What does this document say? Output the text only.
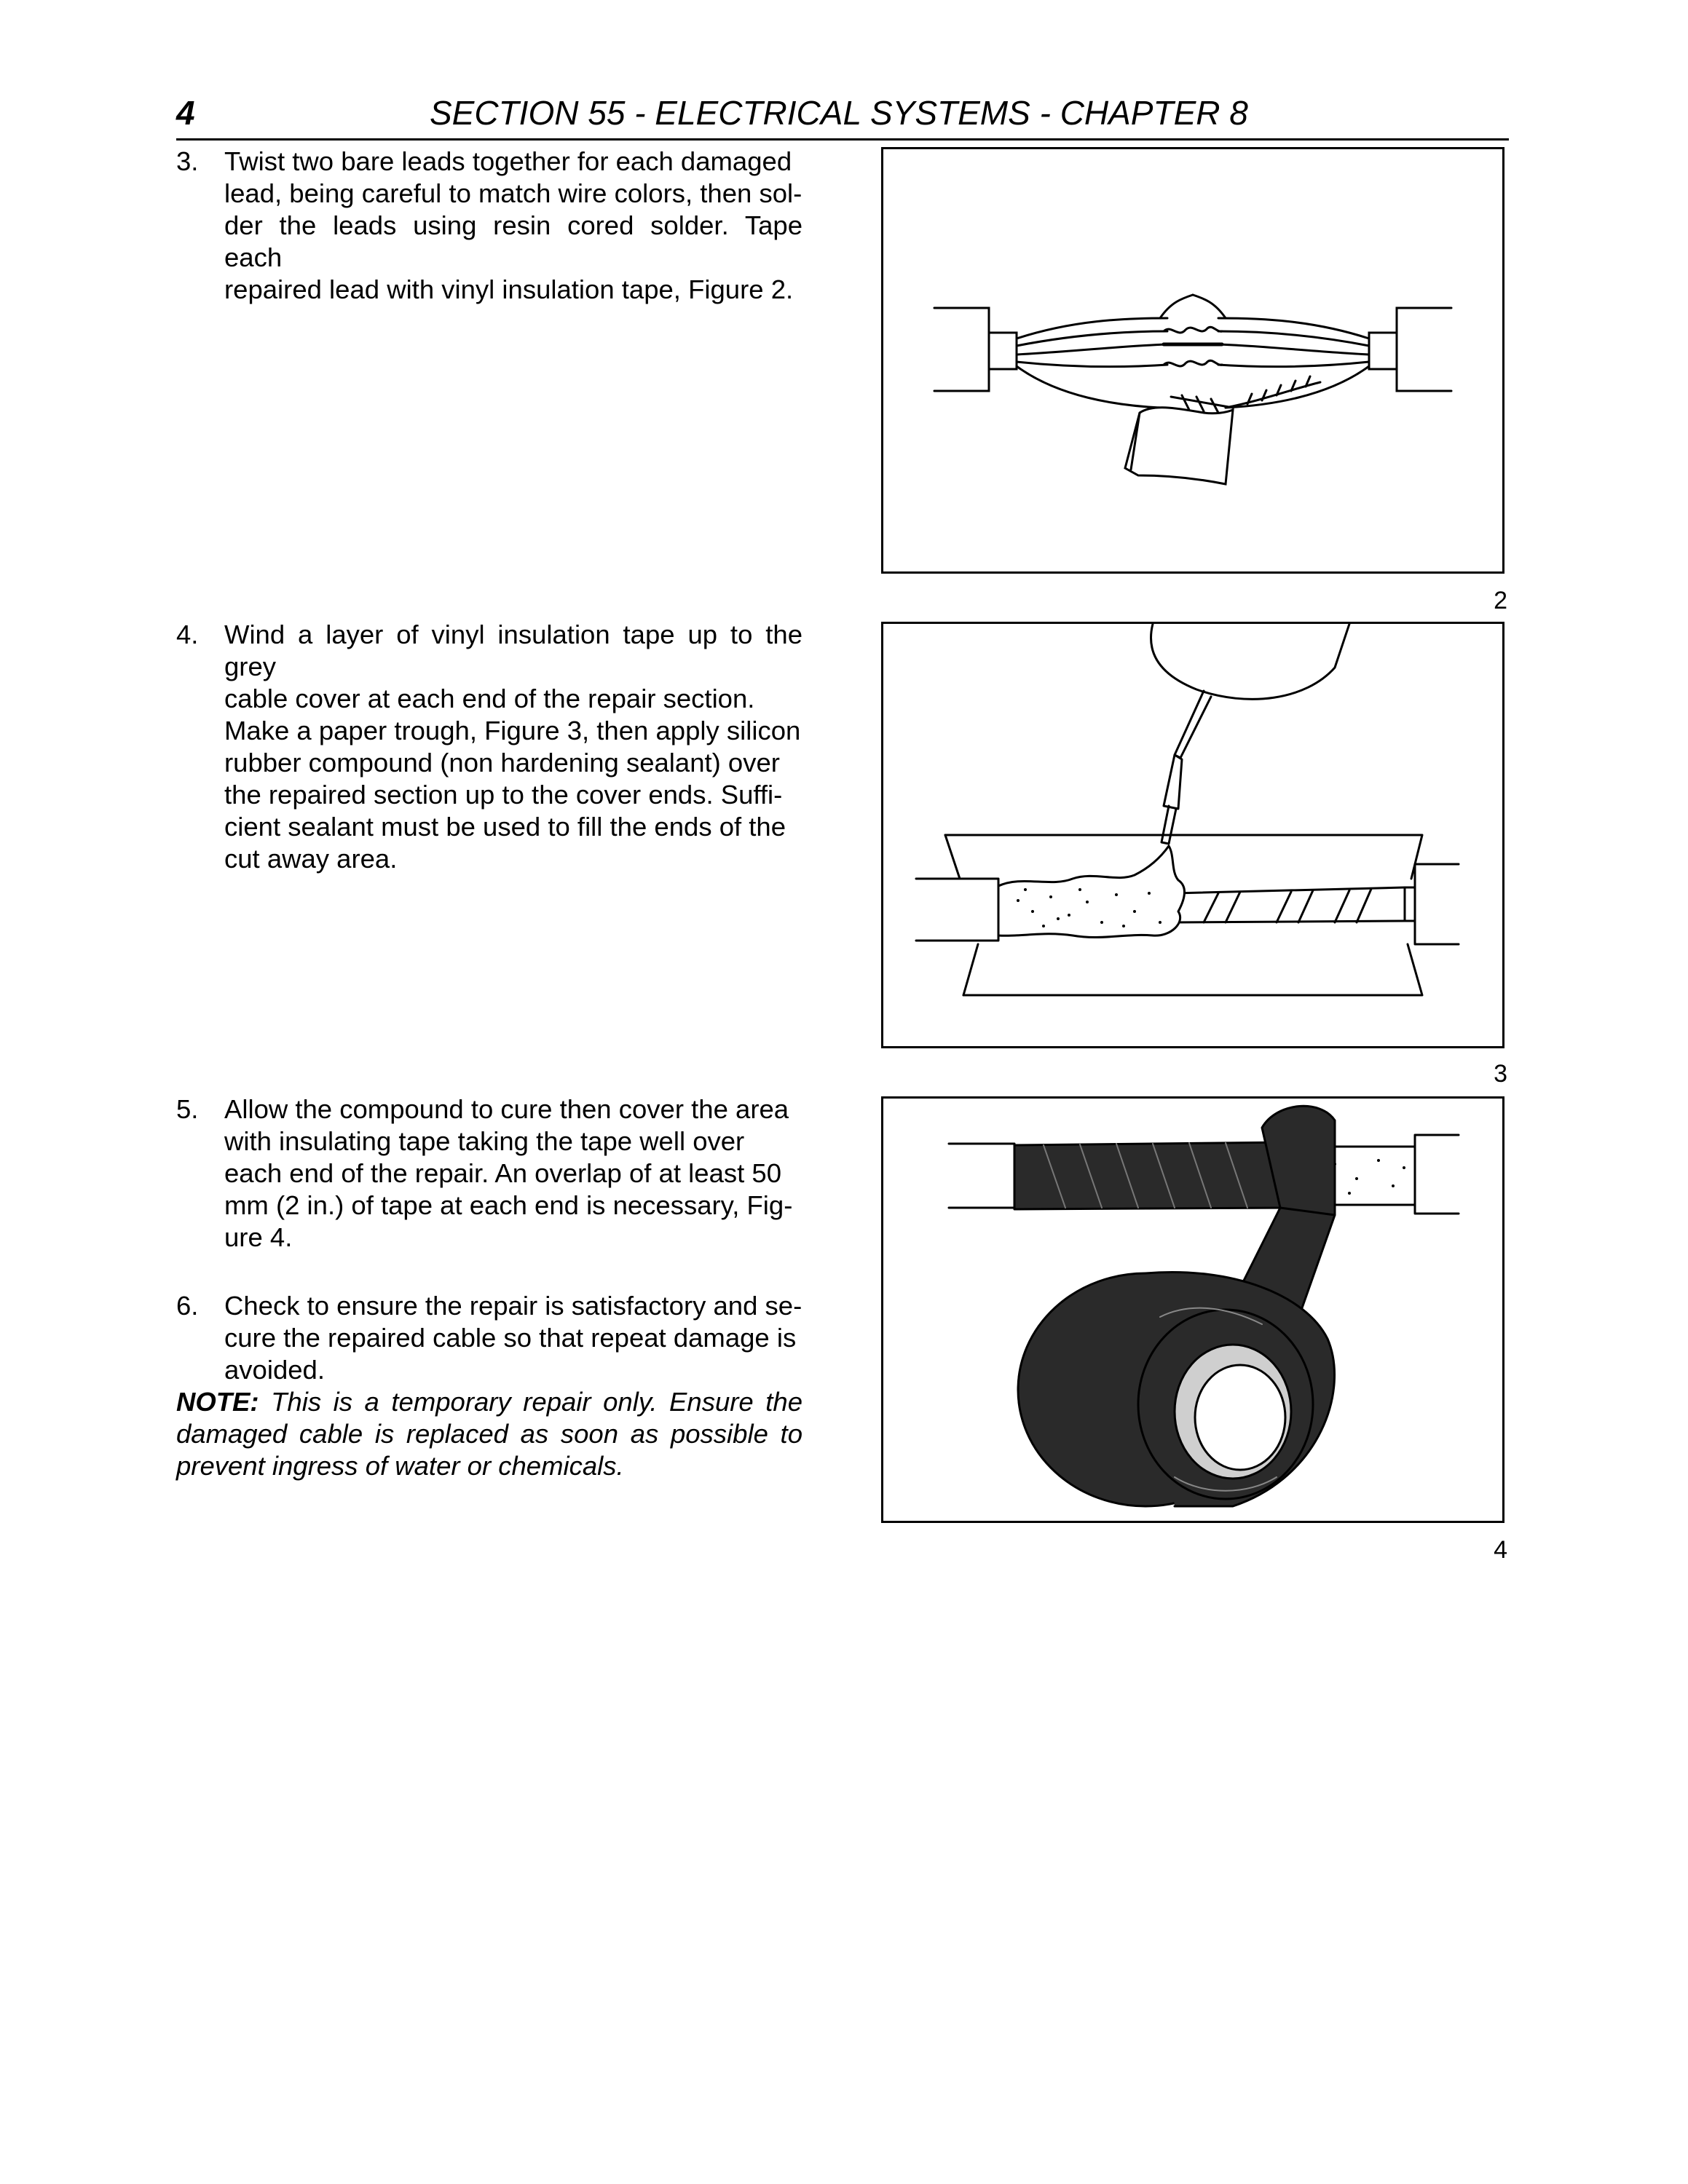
4	SECTION 55 - ELECTRICAL SYSTEMS - CHAPTER 8
3. Twist two bare leads together for each damaged
lead, being careful to match wire colors, then sol-
der the leads using resin cored solder. Tape each
repaired lead with vinyl insulation tape, Figure 2.
4. Wind a layer of vinyl insulation tape up to the grey
cable cover at each end of the repair section.
Make a paper trough, Figure 3, then apply silicon
rubber compound (non hardening sealant) over
the repaired section up to the cover ends. Suffi-
cient sealant must be used to fill the ends of the
cut away area.
5. Allow the compound to cure then cover the area
with insulating tape taking the tape well over
each end of the repair. An overlap of at least 50
mm (2 in.) of tape at each end is necessary, Fig-
ure 4.
6. Check to ensure the repair is satisfactory and se-
cure the repaired cable so that repeat damage is
avoided.
NOTE: This is a temporary repair only. Ensure the damaged cable is replaced as soon as possible to prevent ingress of water or chemicals.
2
3
4
